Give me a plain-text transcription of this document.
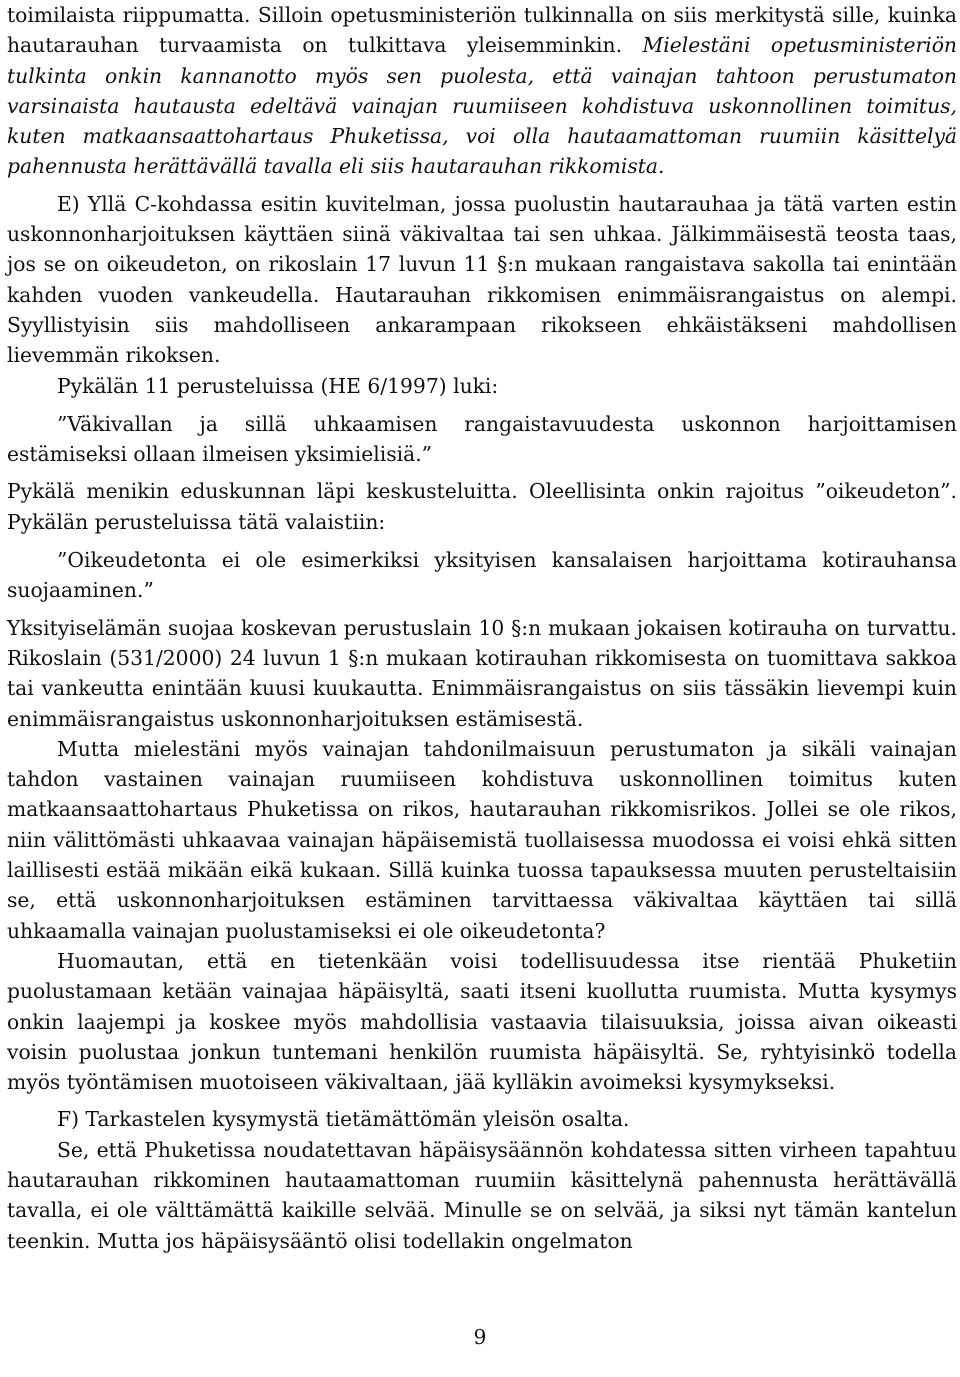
toimilaista riippumatta. Silloin opetusministeriön tulkinnalla on siis merkitystä sille, kuinka hautarauhan turvaamista on tulkittava yleisemminkin. Mielestäni opetusministeriön tulkinta onkin kannanotto myös sen puolesta, että vainajan tahtoon perustumaton varsinaista hautausta edeltävä vainajan ruumiiseen kohdistuva uskonnollinen toimitus, kuten matkaansaattohartaus Phuketissa, voi olla hautaamattoman ruumiin käsittelyä pahennusta herättävällä tavalla eli siis hautarauhan rikkomista.

E) Yllä C-kohdassa esitin kuvitelman, jossa puolustin hautarauhaa ja tätä varten estin uskonnonharjoituksen käyttäen siinä väkivaltaa tai sen uhkaa. Jälkimmäisestä teosta taas, jos se on oikeudeton, on rikoslain 17 luvun 11 §:n mukaan rangaistava sakolla tai enintään kahden vuoden vankeudella. Hautarauhan rikkomisen enimmäisrangaistus on alempi. Syyllistyisin siis mahdolliseen ankarampaan rikokseen ehkäistäkseni mahdollisen lievemmän rikoksen.

Pykälän 11 perusteluissa (HE 6/1997) luki:

”Väkivallan ja sillä uhkaamisen rangaistavuudesta uskonnon harjoittamisen estämiseksi ollaan ilmeisen yksimielisiä.”

Pykälä menikin eduskunnan läpi keskusteluitta. Oleellisinta onkin rajoitus ”oikeudeton”. Pykälän perusteluissa tätä valaistiin:

”Oikeudetonta ei ole esimerkiksi yksityisen kansalaisen harjoittama kotirauhansa suojaaminen.”

Yksityiselämän suojaa koskevan perustuslain 10 §:n mukaan jokaisen kotirauha on turvattu. Rikoslain (531/2000) 24 luvun 1 §:n mukaan kotirauhan rikkomisesta on tuomittava sakkoa tai vankeutta enintään kuusi kuukautta. Enimmäisrangaistus on siis tässäkin lievempi kuin enimmäisrangaistus uskonnonharjoituksen estämisestä.

Mutta mielestäni myös vainajan tahdonilmaisuun perustumaton ja sikäli vainajan tahdon vastainen vainajan ruumiiseen kohdistuva uskonnollinen toimitus kuten matkaansaattohartaus Phuketissa on rikos, hautarauhan rikkomisrikos. Jollei se ole rikos, niin välittömästi uhkaavaa vainajan häpäisemistä tuollaisessa muodossa ei voisi ehkä sitten laillisesti estää mikään eikä kukaan. Sillä kuinka tuossa tapauksessa muuten perusteltaisiin se, että uskonnonharjoituksen estäminen tarvittaessa väkivaltaa käyttäen tai sillä uhkaamalla vainajan puolustamiseksi ei ole oikeudetonta?

Huomautan, että en tietenkään voisi todellisuudessa itse rientää Phuketiin puolustamaan ketään vainajaa häpäisyltä, saati itseni kuollutta ruumista. Mutta kysymys onkin laajempi ja koskee myös mahdollisia vastaavia tilaisuuksia, joissa aivan oikeasti voisin puolustaa jonkun tuntemani henkilön ruumista häpäisyltä. Se, ryhtyisinkö todella myös työntämisen muotoiseen väkivaltaan, jää kylläkin avoimeksi kysymykseksi.

F) Tarkastelen kysymystä tietämättömän yleisön osalta.

Se, että Phuketissa noudatettavan häpäisysäännön kohdatessa sitten virheen tapahtuu hautarauhan rikkominen hautaamattoman ruumiin käsittelynä pahennusta herättävällä tavalla, ei ole välttämättä kaikille selvää. Minulle se on selvää, ja siksi nyt tämän kantelun teenkin. Mutta jos häpäisysääntö olisi todellakin ongelmaton

9
